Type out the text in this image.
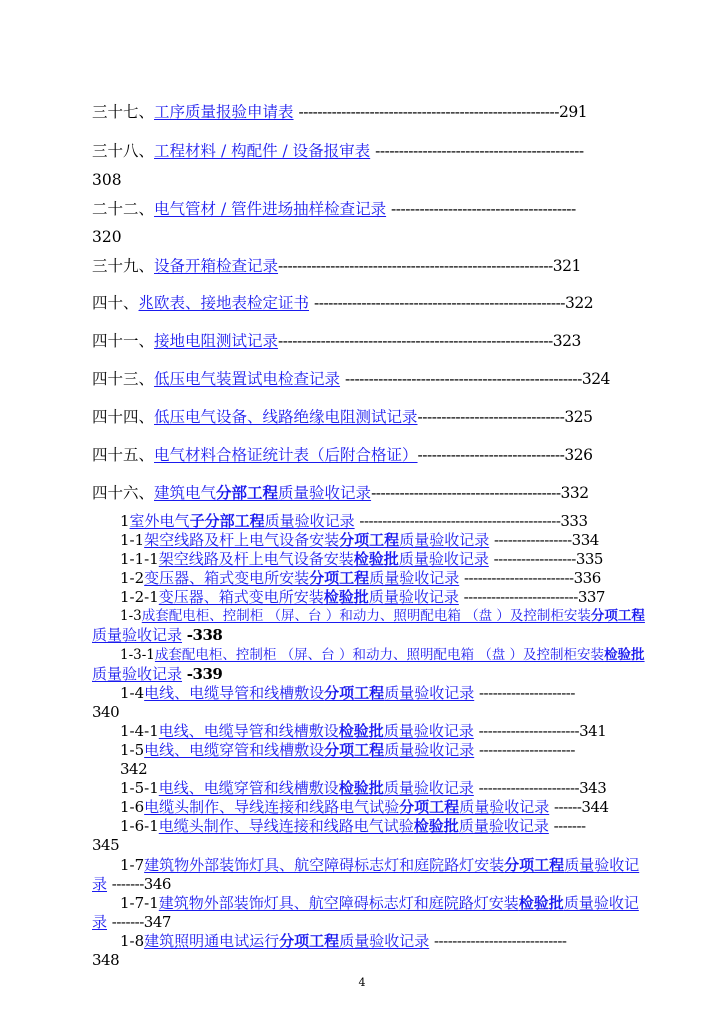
三十七、工序质量报验申请表 -------------------------------------------------------291
三十八、工程材料 / 构配件 / 设备报审表 --------------------------------------------
308
二十二、电气管材 / 管件进场抽样检查记录 ---------------------------------------
320
三十九、设备开箱检查记录----------------------------------------------------------321
四十、兆欧表、接地表检定证书 -----------------------------------------------------322
四十一、接地电阻测试记录----------------------------------------------------------323
四十三、低压电气装置试电检查记录 --------------------------------------------------324
四十四、低压电气设备、线路绝缘电阻测试记录-------------------------------325
四十五、电气材料合格证统计表（后附合格证）-------------------------------326
四十六、建筑电气分部工程质量验收记录----------------------------------------332
1室外电气子分部工程质量验收记录 --------------------------------------------333
1-1架空线路及杆上电气设备安装分项工程质量验收记录 -----------------334
1-1-1架空线路及杆上电气设备安装检验批质量验收记录 ------------------335
1-2变压器、箱式变电所安装分项工程质量验收记录 ------------------------336
1-2-1变压器、箱式变电所安装检验批质量验收记录 -------------------------337
1-3成套配电柜、控制柜 （屏、台 ）和动力、照明配电箱 （盘 ）及控制柜安装分项工程
质量验收记录 -338
1-3-1成套配电柜、控制柜 （屏、台 ）和动力、照明配电箱 （盘 ）及控制柜安装检验批
质量验收记录 -339
1-4电线、电缆导管和线槽敷设分项工程质量验收记录 ---------------------
340
1-4-1电线、电缆导管和线槽敷设检验批质量验收记录 ----------------------341
1-5电线、电缆穿管和线槽敷设分项工程质量验收记录 ---------------------
342
1-5-1电线、电缆穿管和线槽敷设检验批质量验收记录 ----------------------343
1-6电缆头制作、导线连接和线路电气试验分项工程质量验收记录 ------344
1-6-1电缆头制作、导线连接和线路电气试验检验批质量验收记录 -------
345
1-7建筑物外部装饰灯具、航空障碍标志灯和庭院路灯安装分项工程质量验收记
录 -------346
1-7-1建筑物外部装饰灯具、航空障碍标志灯和庭院路灯安装检验批质量验收记
录 -------347
1-8建筑照明通电试运行分项工程质量验收记录 -----------------------------
348
4
